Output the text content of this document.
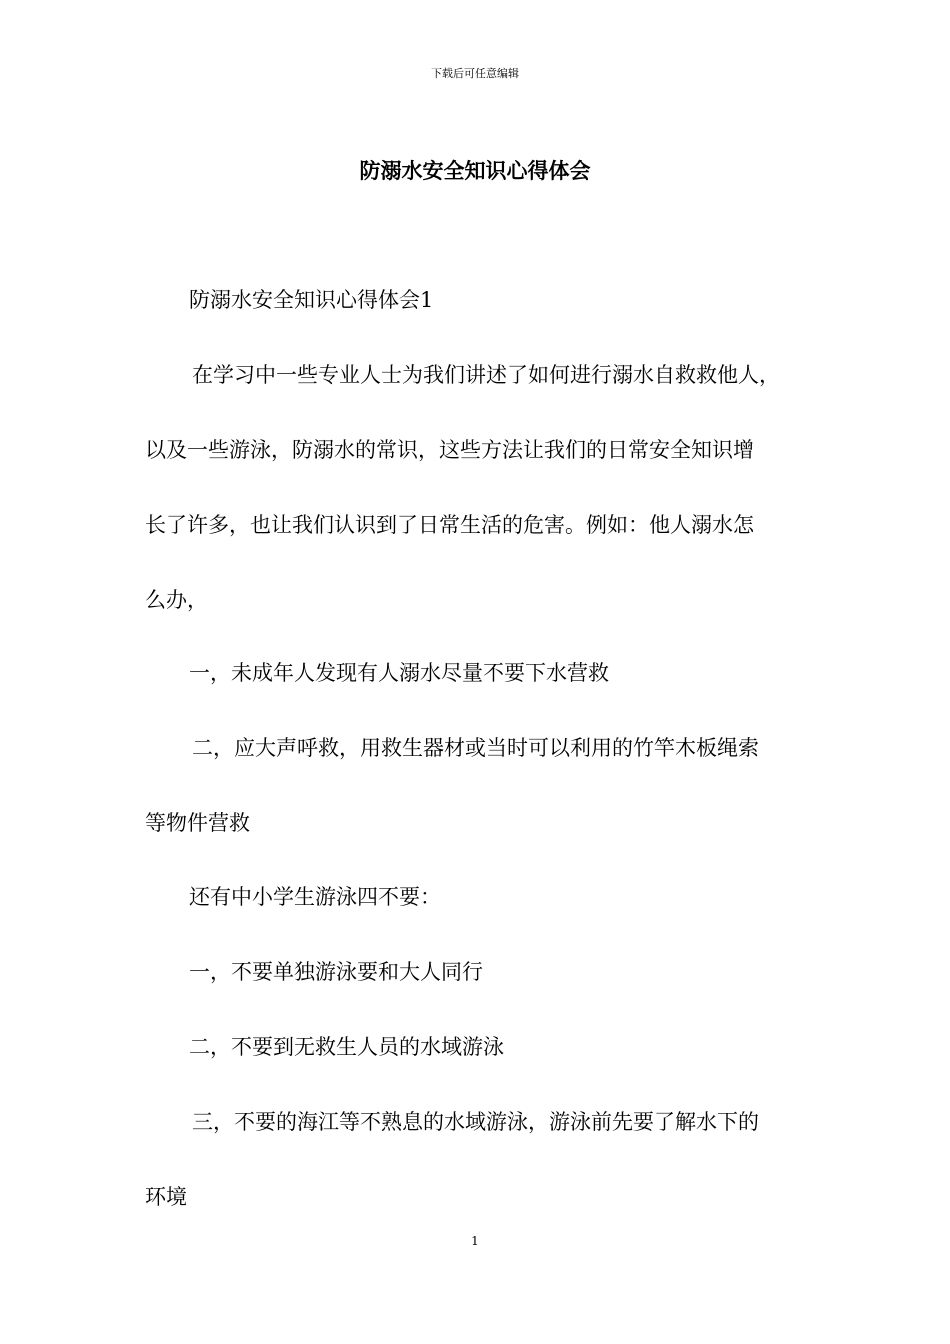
下载后可任意编辑
防溺水安全知识心得体会
防溺水安全知识心得体会1
在学习中一些专业人士为我们讲述了如何进行溺水自救救他人，
以及一些游泳，防溺水的常识，这些方法让我们的日常安全知识增
长了许多，也让我们认识到了日常生活的危害。例如：他人溺水怎
么办，
一，未成年人发现有人溺水尽量不要下水营救
二，应大声呼救，用救生器材或当时可以利用的竹竿木板绳索
等物件营救
还有中小学生游泳四不要：
一，不要单独游泳要和大人同行
二，不要到无救生人员的水域游泳
三，不要的海江等不熟息的水域游泳，游泳前先要了解水下的
环境
1
